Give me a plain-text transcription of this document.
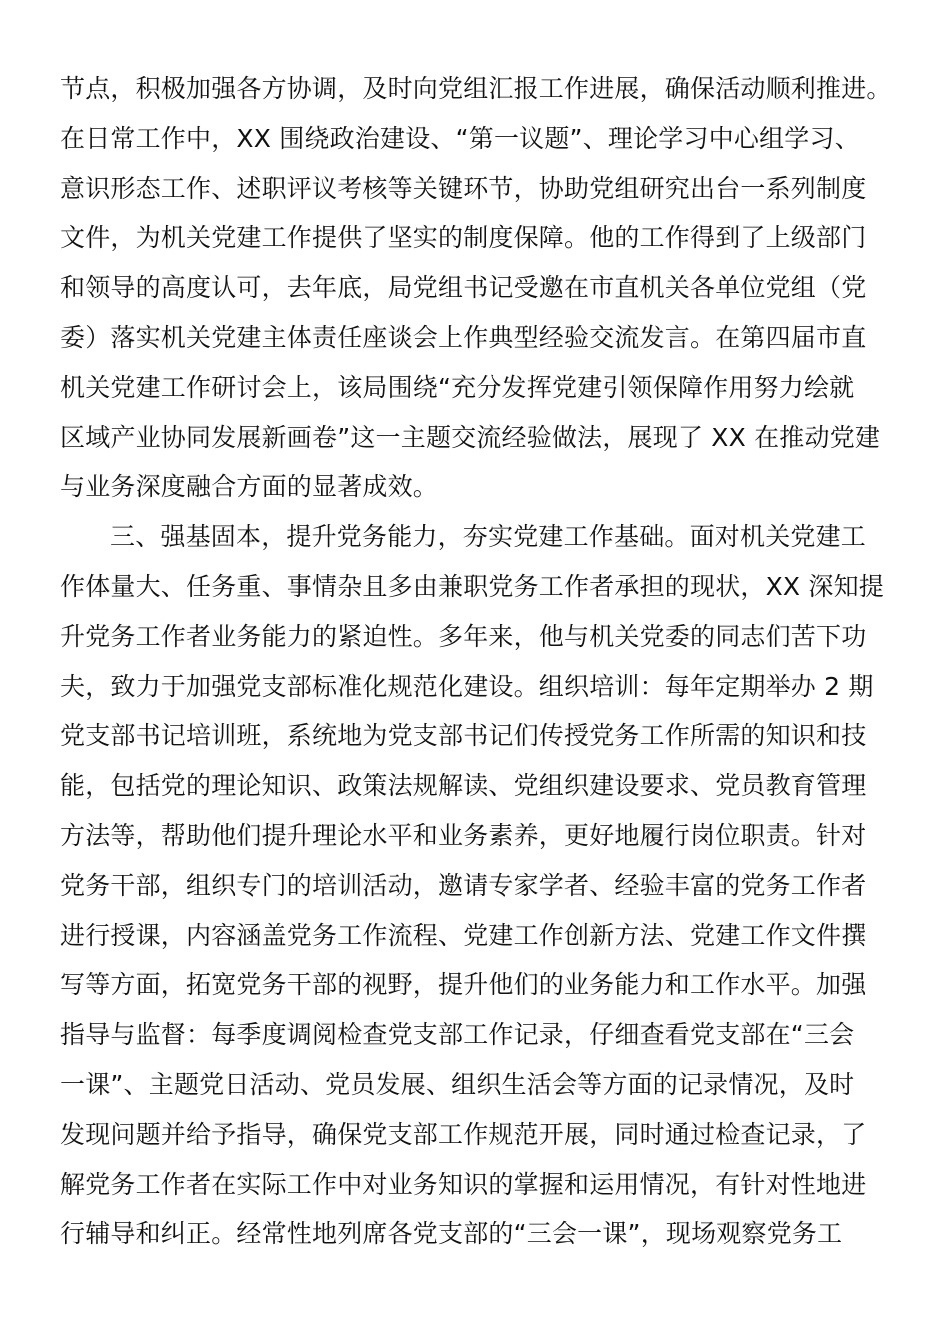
节点，积极加强各方协调，及时向党组汇报工作进展，确保活动顺利推进。
在日常工作中，XX 围绕政治建设、“第一议题”、理论学习中心组学习、
意识形态工作、述职评议考核等关键环节，协助党组研究出台一系列制度
文件，为机关党建工作提供了坚实的制度保障。他的工作得到了上级部门
和领导的高度认可，去年底，局党组书记受邀在市直机关各单位党组（党
委）落实机关党建主体责任座谈会上作典型经验交流发言。在第四届市直
机关党建工作研讨会上，该局围绕“充分发挥党建引领保障作用努力绘就
区域产业协同发展新画卷”这一主题交流经验做法，展现了 XX 在推动党建
与业务深度融合方面的显著成效。
三、强基固本，提升党务能力，夯实党建工作基础。面对机关党建工
作体量大、任务重、事情杂且多由兼职党务工作者承担的现状，XX 深知提
升党务工作者业务能力的紧迫性。多年来，他与机关党委的同志们苦下功
夫，致力于加强党支部标准化规范化建设。组织培训：每年定期举办 2 期
党支部书记培训班，系统地为党支部书记们传授党务工作所需的知识和技
能，包括党的理论知识、政策法规解读、党组织建设要求、党员教育管理
方法等，帮助他们提升理论水平和业务素养，更好地履行岗位职责。针对
党务干部，组织专门的培训活动，邀请专家学者、经验丰富的党务工作者
进行授课，内容涵盖党务工作流程、党建工作创新方法、党建工作文件撰
写等方面，拓宽党务干部的视野，提升他们的业务能力和工作水平。加强
指导与监督：每季度调阅检查党支部工作记录，仔细查看党支部在“三会
一课”、主题党日活动、党员发展、组织生活会等方面的记录情况，及时
发现问题并给予指导，确保党支部工作规范开展，同时通过检查记录，了
解党务工作者在实际工作中对业务知识的掌握和运用情况，有针对性地进
行辅导和纠正。经常性地列席各党支部的“三会一课”，现场观察党务工
